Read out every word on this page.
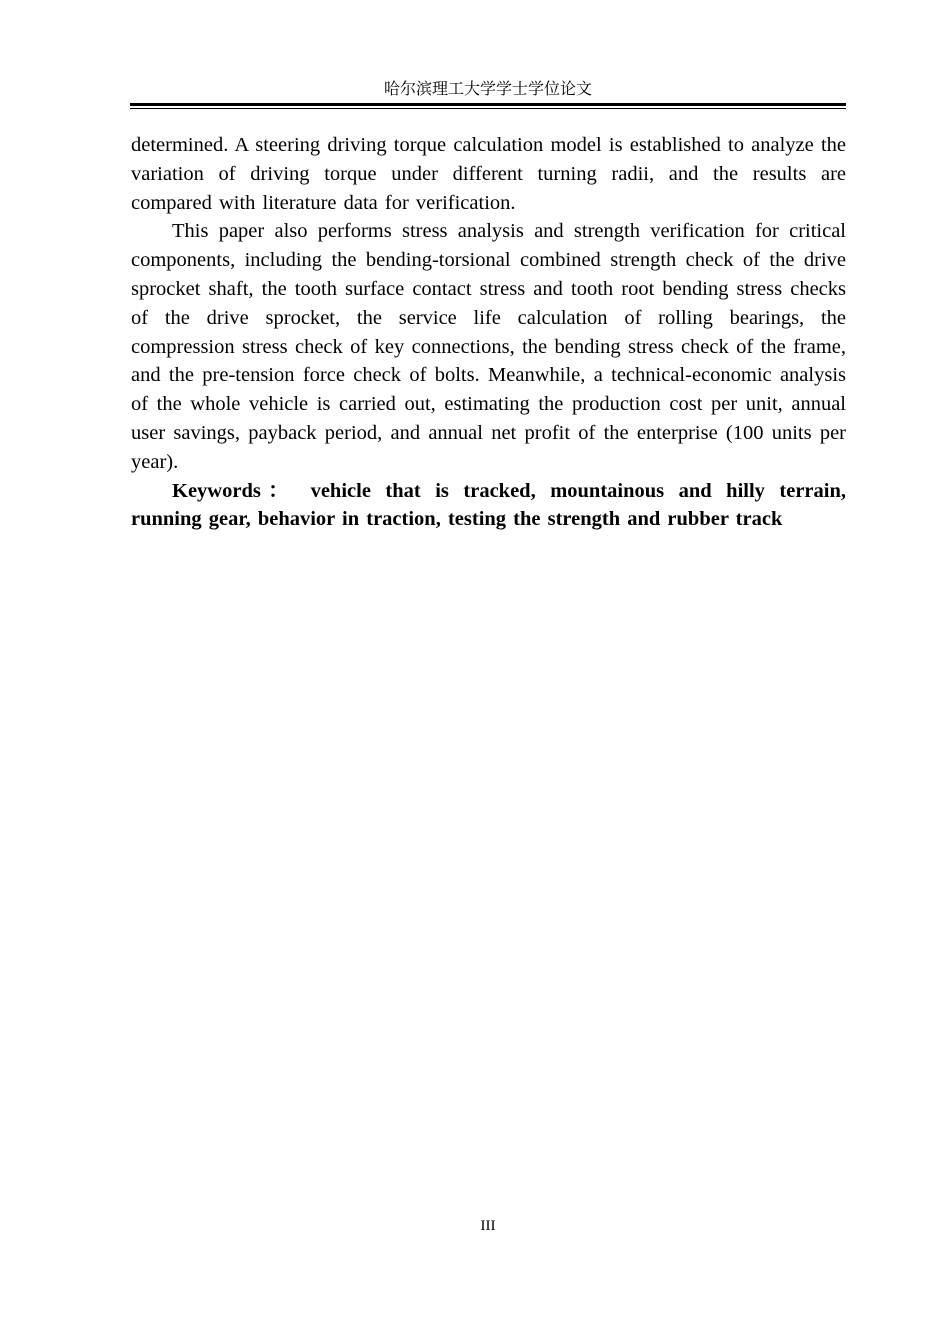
哈尔滨理工大学学士学位论文

determined. A steering driving torque calculation model is established to analyze the variation of driving torque under different turning radii, and the results are compared with literature data for verification.

This paper also performs stress analysis and strength verification for critical components, including the bending-torsional combined strength check of the drive sprocket shaft, the tooth surface contact stress and tooth root bending stress checks of the drive sprocket, the service life calculation of rolling bearings, the compression stress check of key connections, the bending stress check of the frame, and the pre-tension force check of bolts. Meanwhile, a technical-economic analysis of the whole vehicle is carried out, estimating the production cost per unit, annual user savings, payback period, and annual net profit of the enterprise (100 units per year).

Keywords： vehicle that is tracked, mountainous and hilly terrain, running gear, behavior in traction, testing the strength and rubber track

III
